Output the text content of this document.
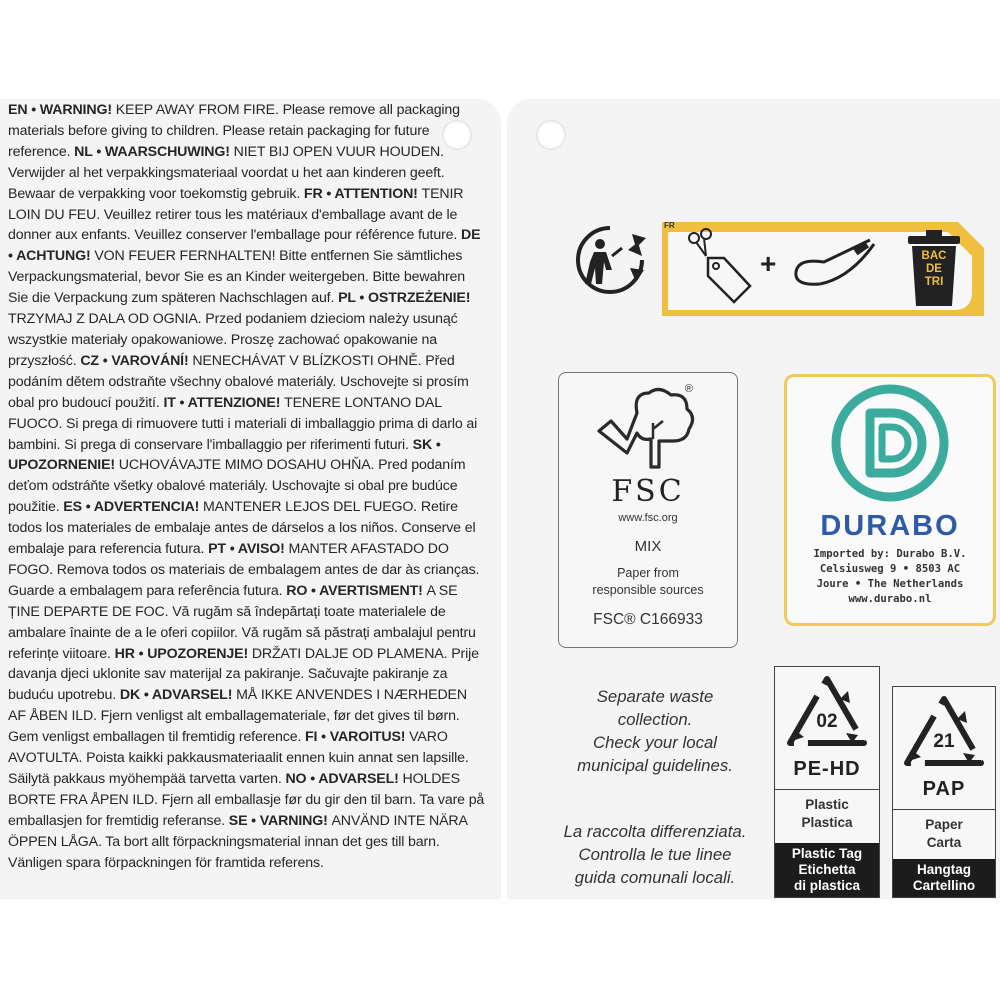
EN • WARNING! KEEP AWAY FROM FIRE. Please remove all packaging materials before giving to children. Please retain packaging for future reference. NL • WAARSCHUWING! NIET BIJ OPEN VUUR HOUDEN. Verwijder al het verpakkingsmateriaal voordat u het aan kinderen geeft. Bewaar de verpakking voor toekomstig gebruik. FR • ATTENTION! TENIR LOIN DU FEU. Veuillez retirer tous les matériaux d'emballage avant de le donner aux enfants. Veuillez conserver l'emballage pour référence future. DE • ACHTUNG! VON FEUER FERNHALTEN! Bitte entfernen Sie sämtliches Verpackungsmaterial, bevor Sie es an Kinder weitergeben. Bitte bewahren Sie die Verpackung zum späteren Nachschlagen auf. PL • OSTRZEŻENIE! TRZYMAJ Z DALA OD OGNIA. Przed podaniem dzieciom należy usunąć wszystkie materiały opakowaniowe. Proszę zachować opakowanie na przyszłość. CZ • VAROVÁNÍ! NENECHÁVAT V BLÍZKOSTI OHNĚ. Před podáním dětem odstraňte všechny obalové materiály. Uschovejte si prosím obal pro budoucí použití. IT • ATTENZIONE! TENERE LONTANO DAL FUOCO. Si prega di rimuovere tutti i materiali di imballaggio prima di darlo ai bambini. Si prega di conservare l'imballaggio per riferimenti futuri. SK • UPOZORNENIE! UCHOVÁVAJTE MIMO DOSAHU OHŇA. Pred podaním deťom odstráňte všetky obalové materiály. Uschovajte si obal pre budúce použitie. ES • ADVERTENCIA! MANTENER LEJOS DEL FUEGO. Retire todos los materiales de embalaje antes de dárselos a los niños. Conserve el embalaje para referencia futura. PT • AVISO! MANTER AFASTADO DO FOGO. Remova todos os materiais de embalagem antes de dar às crianças. Guarde a embalagem para referência futura. RO • AVERTISMENT! A SE ȚINE DEPARTE DE FOC. Vă rugăm să îndepărtați toate materialele de ambalare înainte de a le oferi copiilor. Vă rugăm să păstrați ambalajul pentru referințe viitoare. HR • UPOZORENJE! DRŽATI DALJE OD PLAMENA. Prije davanja djeci uklonite sav materijal za pakiranje. Sačuvajte pakiranje za buduću upotrebu. DK • ADVARSEL! MÅ IKKE ANVENDES I NÆRHEDEN AF ÅBEN ILD. Fjern venligst alt emballagemateriale, før det gives til børn. Gem venligst emballagen til fremtidig reference. FI • VAROITUS! VARO AVOTULTA. Poista kaikki pakkausmateriaalit ennen kuin annat sen lapsille. Säilytä pakkaus myöhempää tarvetta varten. NO • ADVARSEL! HOLDES BORTE FRA ÅPEN ILD. Fjern all emballasje før du gir den til barn. Ta vare på emballasjen for fremtidig referanse. SE • VARNING! ANVÄND INTE NÄRA ÖPPEN LÅGA. Ta bort allt förpackningsmaterial innan det ges till barn. Vänligen spara förpackningen för framtida referens.
FR
+	BAC
DE
TRI
®
FSC
www.fsc.org
MIX
Paper from
responsible sources
FSC® C166933
DURABO
Imported by: Durabo B.V.
Celsiusweg 9 • 8503 AC
Joure • The Netherlands
www.durabo.nl
Separate waste
collection.
Check your local
municipal guidelines.
La raccolta differenziata.
Controlla le tue linee
guida comunali locali.
02
PE-HD
Plastic
Plastica
Plastic Tag
Etichetta
di plastica
21
PAP
Paper
Carta
Hangtag
Cartellino
